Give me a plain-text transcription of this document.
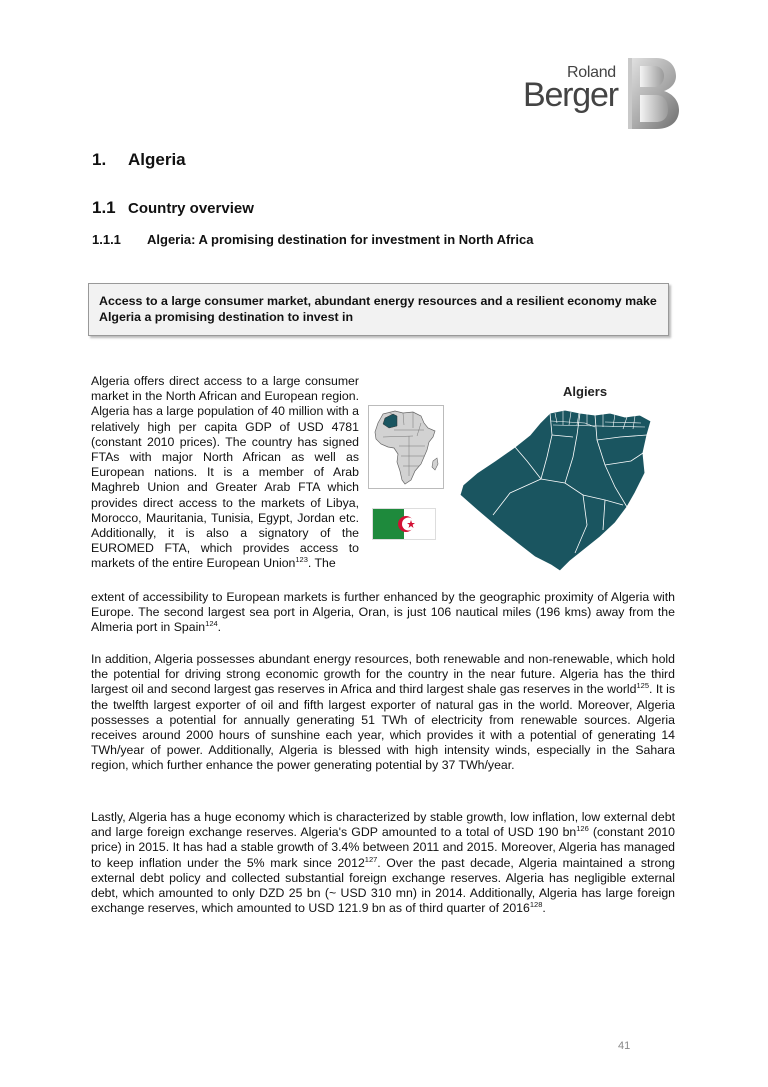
Roland
Berger
1. Algeria
1.1 Country overview
1.1.1 Algeria: A promising destination for investment in North Africa
Access to a large consumer market, abundant energy resources and a resilient economy make Algeria a promising destination to invest in
Algeria offers direct access to a large consumer market in the North African and European region. Algeria has a large population of 40 million with a relatively high per capita GDP of USD 4781 (constant 2010 prices). The country has signed FTAs with major North African as well as European nations. It is a member of Arab Maghreb Union and Greater Arab FTA which provides direct access to the markets of Libya, Morocco, Mauritania, Tunisia, Egypt, Jordan etc. Additionally, it is also a signatory of the EUROMED FTA, which provides access to markets of the entire European Union$^{123}$. The
Algiers
extent of accessibility to European markets is further enhanced by the geographic proximity of Algeria with Europe. The second largest sea port in Algeria, Oran, is just 106 nautical miles (196 kms) away from the Almeria port in Spain$^{124}$.

In addition, Algeria possesses abundant energy resources, both renewable and non-renewable, which hold the potential for driving strong economic growth for the country in the near future. Algeria has the third largest oil and second largest gas reserves in Africa and third largest shale gas reserves in the world$^{125}$. It is the twelfth largest exporter of oil and fifth largest exporter of natural gas in the world. Moreover, Algeria possesses a potential for annually generating 51 TWh of electricity from renewable sources. Algeria receives around 2000 hours of sunshine each year, which provides it with a potential of generating 14 TWh/year of power. Additionally, Algeria is blessed with high intensity winds, especially in the Sahara region, which further enhance the power generating potential by 37 TWh/year.

Lastly, Algeria has a huge economy which is characterized by stable growth, low inflation, low external debt and large foreign exchange reserves. Algeria's GDP amounted to a total of USD 190 $bn^{126}$ (constant 2010 price) in 2015. It has had a stable growth of 3.4% between 2011 and 2015. Moreover, Algeria has managed to keep inflation under the 5% mark since 2012$^{127}$. Over the past decade, Algeria maintained a strong external debt policy and collected substantial foreign exchange reserves. Algeria has negligible external debt, which amounted to only DZD 25 bn (~ USD 310 mn) in 2014. Additionally, Algeria has large foreign exchange reserves, which amounted to USD 121.9 bn as of third quarter of 2016$^{128}$.

41
